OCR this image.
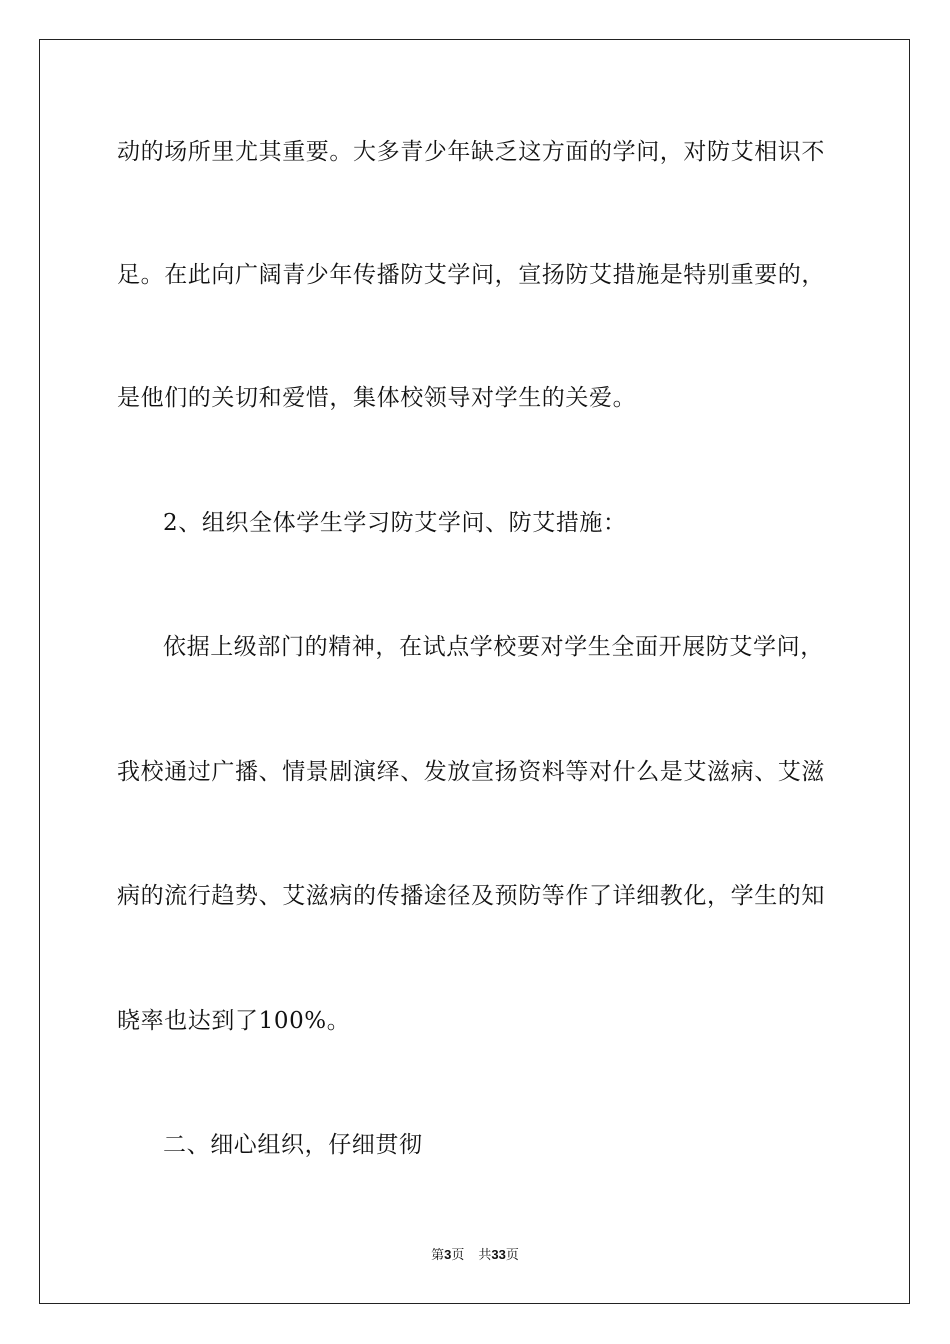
动的场所里尤其重要。大多青少年缺乏这方面的学问，对防艾相识不
足。在此向广阔青少年传播防艾学问，宣扬防艾措施是特别重要的，
是他们的关切和爱惜，集体校领导对学生的关爱。
2、组织全体学生学习防艾学问、防艾措施：
依据上级部门的精神，在试点学校要对学生全面开展防艾学问，
我校通过广播、情景剧演绎、发放宣扬资料等对什么是艾滋病、艾滋
病的流行趋势、艾滋病的传播途径及预防等作了详细教化，学生的知
晓率也达到了100%。
二、细心组织，仔细贯彻
第3页 共33页
